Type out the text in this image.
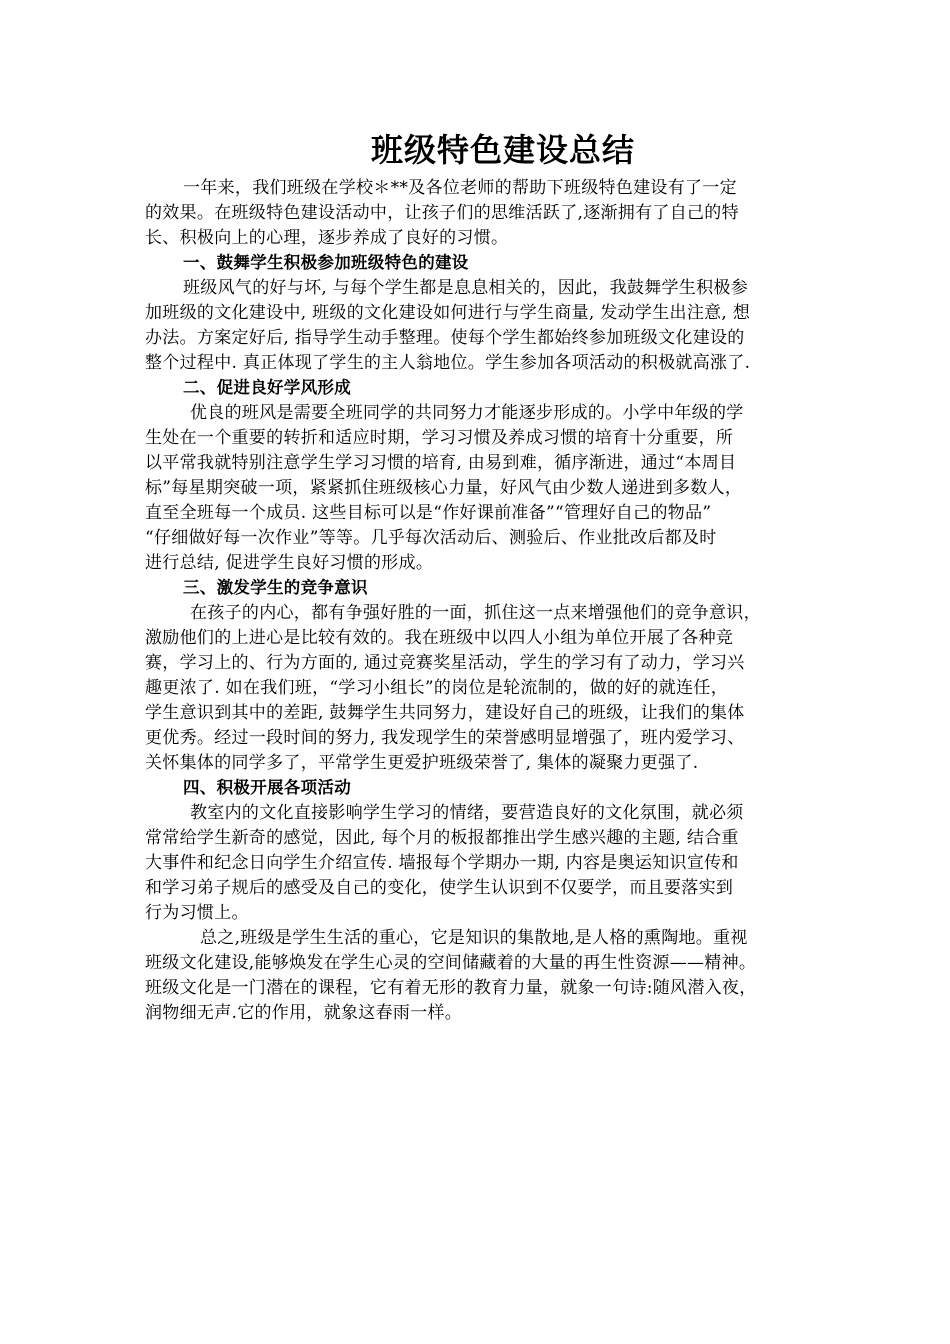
班级特色建设总结
一年来，我们班级在学校＊**及各位老师的帮助下班级特色建设有了一定
的效果。在班级特色建设活动中，让孩子们的思维活跃了,逐渐拥有了自己的特
长、积极向上的心理，逐步养成了良好的习惯。
一、鼓舞学生积极参加班级特色的建设
班级风气的好与坏, 与每个学生都是息息相关的，因此，我鼓舞学生积极参
加班级的文化建设中, 班级的文化建设如何进行与学生商量, 发动学生出注意, 想
办法。方案定好后, 指导学生动手整理。使每个学生都始终参加班级文化建设的
整个过程中. 真正体现了学生的主人翁地位。学生参加各项活动的积极就高涨了.
二、促进良好学风形成
优良的班风是需要全班同学的共同努力才能逐步形成的。小学中年级的学
生处在一个重要的转折和适应时期，学习习惯及养成习惯的培育十分重要，所
以平常我就特别注意学生学习习惯的培育, 由易到难，循序渐进，通过“本周目
标”每星期突破一项，紧紧抓住班级核心力量，好风气由少数人递进到多数人，
直至全班每一个成员. 这些目标可以是“作好课前准备”“管理好自己的物品”
“仔细做好每一次作业”等等。几乎每次活动后、测验后、作业批改后都及时
进行总结, 促进学生良好习惯的形成。
三、激发学生的竞争意识
在孩子的内心，都有争强好胜的一面，抓住这一点来增强他们的竞争意识，
激励他们的上进心是比较有效的。我在班级中以四人小组为单位开展了各种竞
赛，学习上的、行为方面的, 通过竞赛奖星活动，学生的学习有了动力，学习兴
趣更浓了. 如在我们班，“学习小组长”的岗位是轮流制的，做的好的就连任，
学生意识到其中的差距, 鼓舞学生共同努力，建设好自己的班级，让我们的集体
更优秀。经过一段时间的努力, 我发现学生的荣誉感明显增强了，班内爱学习、
关怀集体的同学多了，平常学生更爱护班级荣誉了, 集体的凝聚力更强了.
四、积极开展各项活动
教室内的文化直接影响学生学习的情绪，要营造良好的文化氛围，就必须
常常给学生新奇的感觉，因此, 每个月的板报都推出学生感兴趣的主题, 结合重
大事件和纪念日向学生介绍宣传. 墙报每个学期办一期, 内容是奥运知识宣传和
和学习弟子规后的感受及自己的变化，使学生认识到不仅要学，而且要落实到
行为习惯上。
总之,班级是学生生活的重心，它是知识的集散地,是人格的熏陶地。重视
班级文化建设,能够焕发在学生心灵的空间储藏着的大量的再生性资源——精神。
班级文化是一门潜在的课程，它有着无形的教育力量，就象一句诗:随风潜入夜，
润物细无声.它的作用，就象这春雨一样。
